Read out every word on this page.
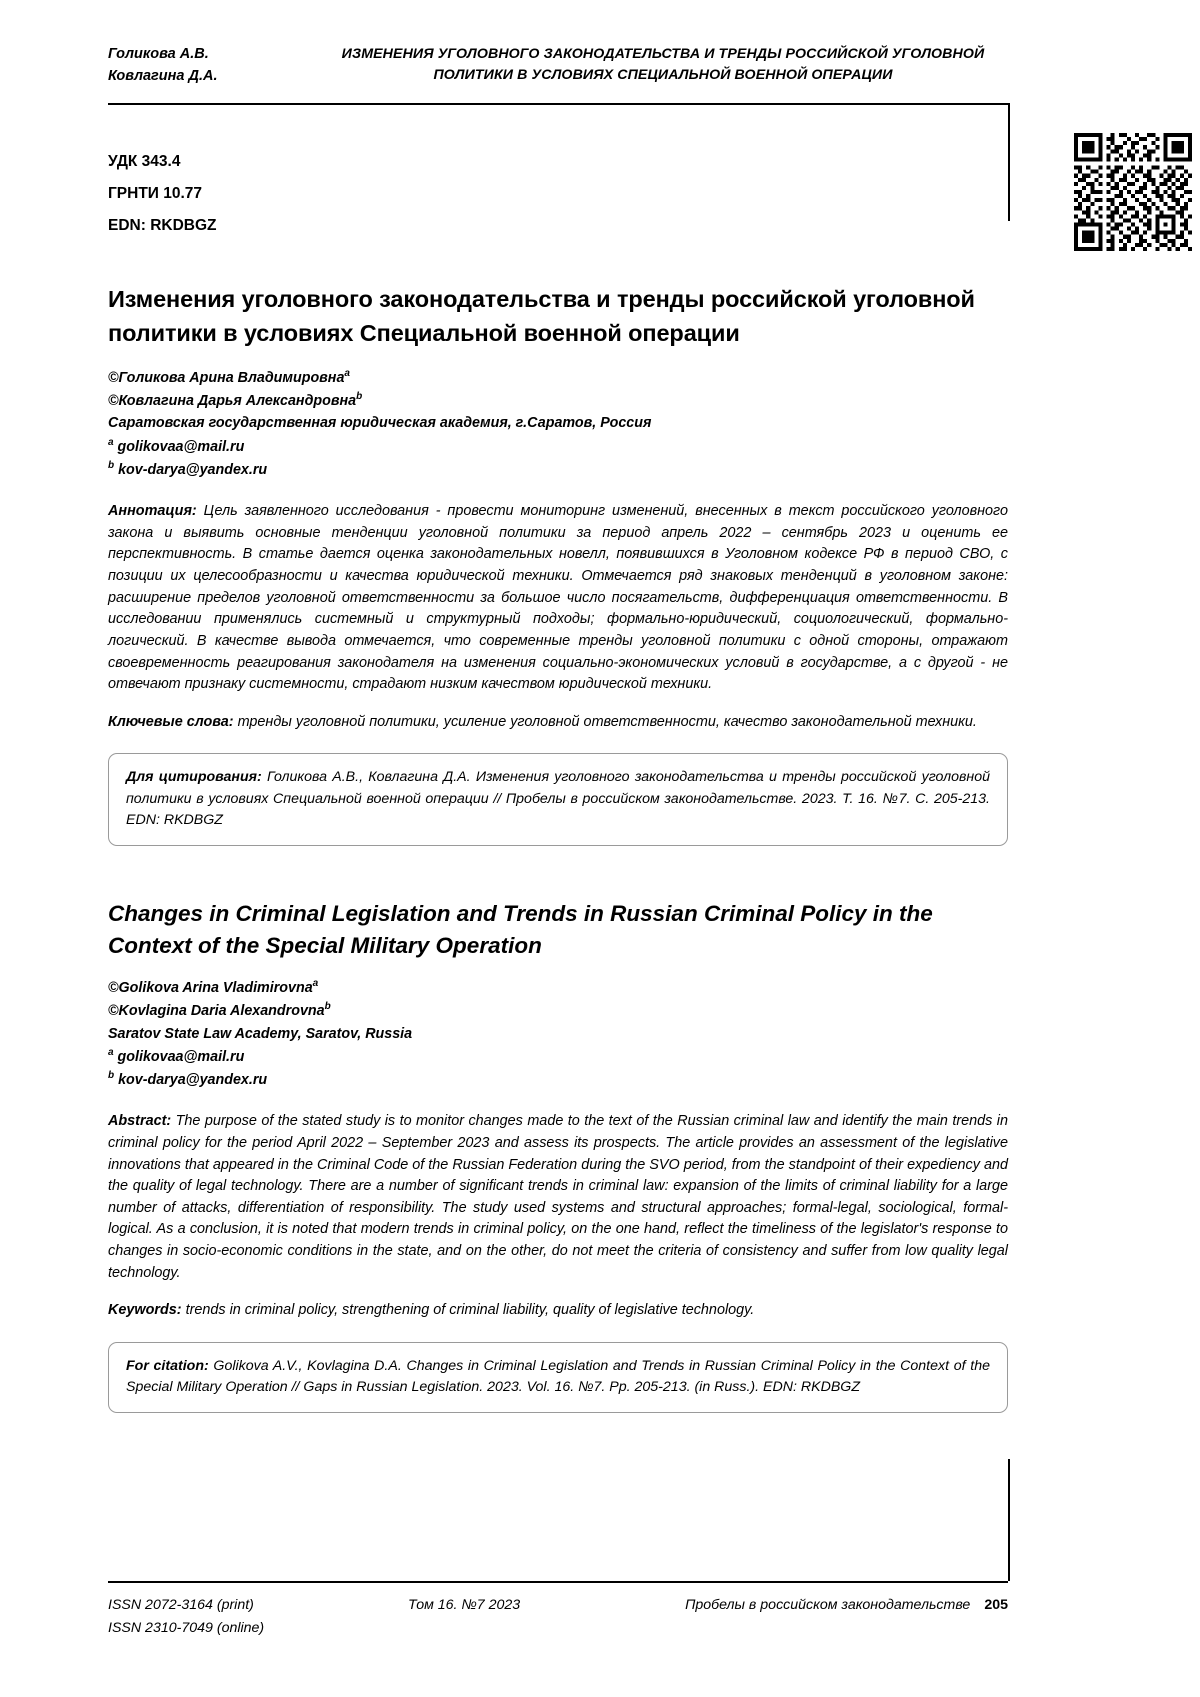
Голикова А.В.
Ковлагина Д.А.
ИЗМЕНЕНИЯ УГОЛОВНОГО ЗАКОНОДАТЕЛЬСТВА И ТРЕНДЫ РОССИЙСКОЙ УГОЛОВНОЙ ПОЛИТИКИ В УСЛОВИЯХ СПЕЦИАЛЬНОЙ ВОЕННОЙ ОПЕРАЦИИ
УДК 343.4
ГРНТИ 10.77
EDN: RKDBGZ
Изменения уголовного законодательства и тренды российской уголовной политики в условиях Специальной военной операции
©Голикова Арина Владимировна$^a$
©Ковлагина Дарья Александровна$^b$
Саратовская государственная юридическая академия, г.Саратов, Россия
$^a$ golikovaa@mail.ru
$^b$ kov-darya@yandex.ru

Аннотация: Цель заявленного исследования - провести мониторинг изменений, внесенных в текст российского уголовного закона и выявить основные тенденции уголовной политики за период апрель 2022 – сентябрь 2023 и оценить ее перспективность. В статье дается оценка законодательных новелл, появившихся в Уголовном кодексе РФ в период СВО, с позиции их целесообразности и качества юридической техники. Отмечается ряд знаковых тенденций в уголовном законе: расширение пределов уголовной ответственности за большое число посягательств, дифференциация ответственности. В исследовании применялись системный и структурный подходы; формально-юридический, социологический, формально-логический. В качестве вывода отмечается, что современные тренды уголовной политики с одной стороны, отражают своевременность реагирования законодателя на изменения социально-экономических условий в государстве, а с другой - не отвечают признаку системности, страдают низким качеством юридической техники.

Ключевые слова: тренды уголовной политики, усиление уголовной ответственности, качество законодательной техники.

Для цитирования: Голикова А.В., Ковлагина Д.А. Изменения уголовного законодательства и тренды российской уголовной политики в условиях Специальной военной операции // Пробелы в российском законодательстве. 2023. Т. 16. №7. С. 205-213. EDN: RKDBGZ
Changes in Criminal Legislation and Trends in Russian Criminal Policy in the Context of the Special Military Operation
©Golikova Arina Vladimirovna$^a$
©Kovlagina Daria Alexandrovna$^b$
Saratov State Law Academy, Saratov, Russia
$^a$ golikovaa@mail.ru
$^b$ kov-darya@yandex.ru

Abstract: The purpose of the stated study is to monitor changes made to the text of the Russian criminal law and identify the main trends in criminal policy for the period April 2022 – September 2023 and assess its prospects. The article provides an assessment of the legislative innovations that appeared in the Criminal Code of the Russian Federation during the SVO period, from the standpoint of their expediency and the quality of legal technology. There are a number of significant trends in criminal law: expansion of the limits of criminal liability for a large number of attacks, differentiation of responsibility. The study used systems and structural approaches; formal-legal, sociological, formal-logical. As a conclusion, it is noted that modern trends in criminal policy, on the one hand, reflect the timeliness of the legislator's response to changes in socio-economic conditions in the state, and on the other, do not meet the criteria of consistency and suffer from low quality legal technology.

Keywords: trends in criminal policy, strengthening of criminal liability, quality of legislative technology.

For citation: Golikova A.V., Kovlagina D.A. Changes in Criminal Legislation and Trends in Russian Criminal Policy in the Context of the Special Military Operation // Gaps in Russian Legislation. 2023. Vol. 16. №7. Pp. 205-213. (in Russ.). EDN: RKDBGZ
ISSN 2072-3164 (print)
ISSN 2310-7049 (online)
Том 16. №7 2023	Пробелы в российском законодательстве 205
